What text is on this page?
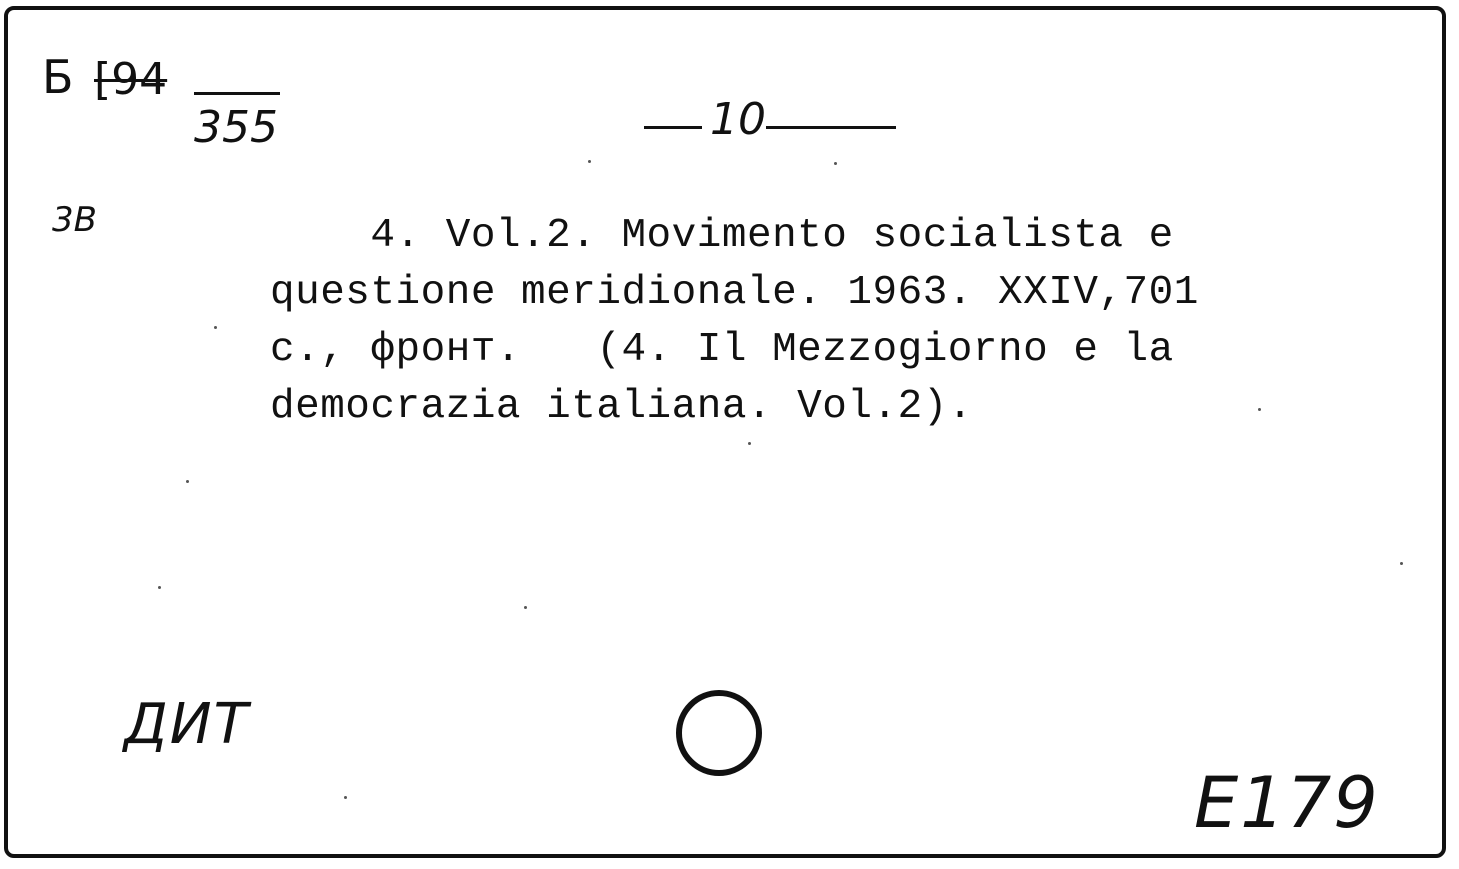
Б [94
355
3В
10
4. Vol.2. Movimento socialista e
questione meridionale. 1963. XXIV,701
c., фронт.   (4. Il Mezzogiorno e la
democrazia italiana. Vol.2).
ДИТ
Е179
